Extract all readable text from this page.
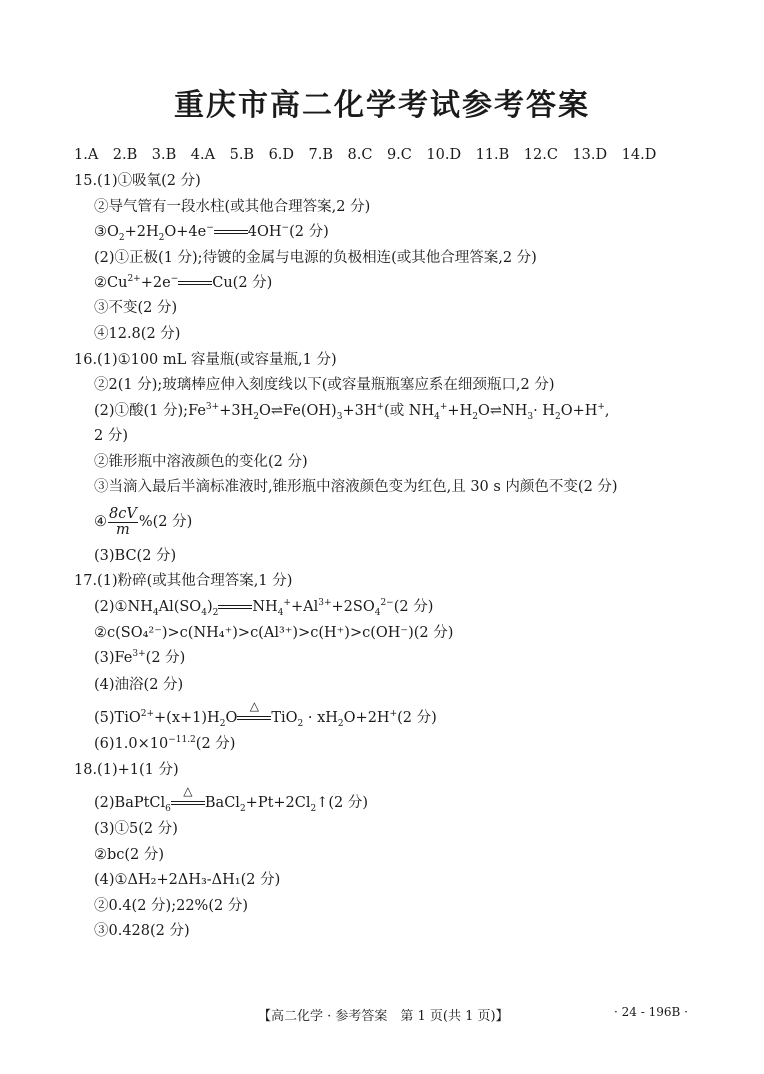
重庆市高二化学考试参考答案
1.A　2.B　3.B　4.A　5.B　6.D　7.B　8.C　9.C　10.D　11.B　12.C　13.D　14.D
15.(1)①吸氧(2 分)
②导气管有一段水柱(或其他合理答案,2 分)
$③O_2+2H_2O+4e^-$ 4OH−(2 分)
(2)①正极(1 分);待镀的金属与电源的负极相连(或其他合理答案,2 分)
$②Cu^{2+}+2e^-$ Cu(2 分)
③不变(2 分)
④12.8(2 分)
16.(1)①100 mL 容量瓶(或容量瓶,1 分)
②2(1 分);玻璃棒应伸入刻度线以下(或容量瓶瓶塞应系在细颈瓶口,2 分)
(2)①酸(1 分)$;Fe^{3+}+3H_2O\rightleftharpoons Fe(OH)_3+3H^+$(或 $NH_4^++H_2O\rightleftharpoons NH_3\cdot H_2O+H^+$,
2 分)
②锥形瓶中溶液颜色的变化(2 分)
③当滴入最后半滴标准液时,锥形瓶中溶液颜色变为红色,且 30 s 内颜色不变(2 分)
④ $\frac{8cV}{m} \%(2$ 分)
(3)BC(2 分)
17.(1)粉碎(或其他合理答案,1 分)
$(2)①NH_4Al(SO_4)_2$ $NH_4^++Al^{3+}+2SO_4^{2-}(2$ 分)
②c(SO₄²⁻)>c(NH₄⁺)>c(Al³⁺)>c(H⁺)>c(OH⁻)(2 分)
$(3)Fe^{3+}(2$ 分)
(4)油浴(2 分)
$(5)TiO^{2+}+(x+1)H_2O$
△
$TiO_2 \cdot xH_2O+2H^+(2$ 分)
$(6)1.0\times 10^{-11.2}(2$ 分)
18.(1)+1(1 分)
(2)BaPtCl$_6$
△
$BaCl_2+Pt+2Cl_2↑(2$ 分)
(3)①5(2 分)
②bc(2 分)
(4)①ΔH₂+2ΔH₃-ΔH₁(2 分)
②0.4(2 分);22%(2 分)
③0.428(2 分)
【高二化学 · 参考答案　第 1 页(共 1 页)】	· 24 - 196B ·
